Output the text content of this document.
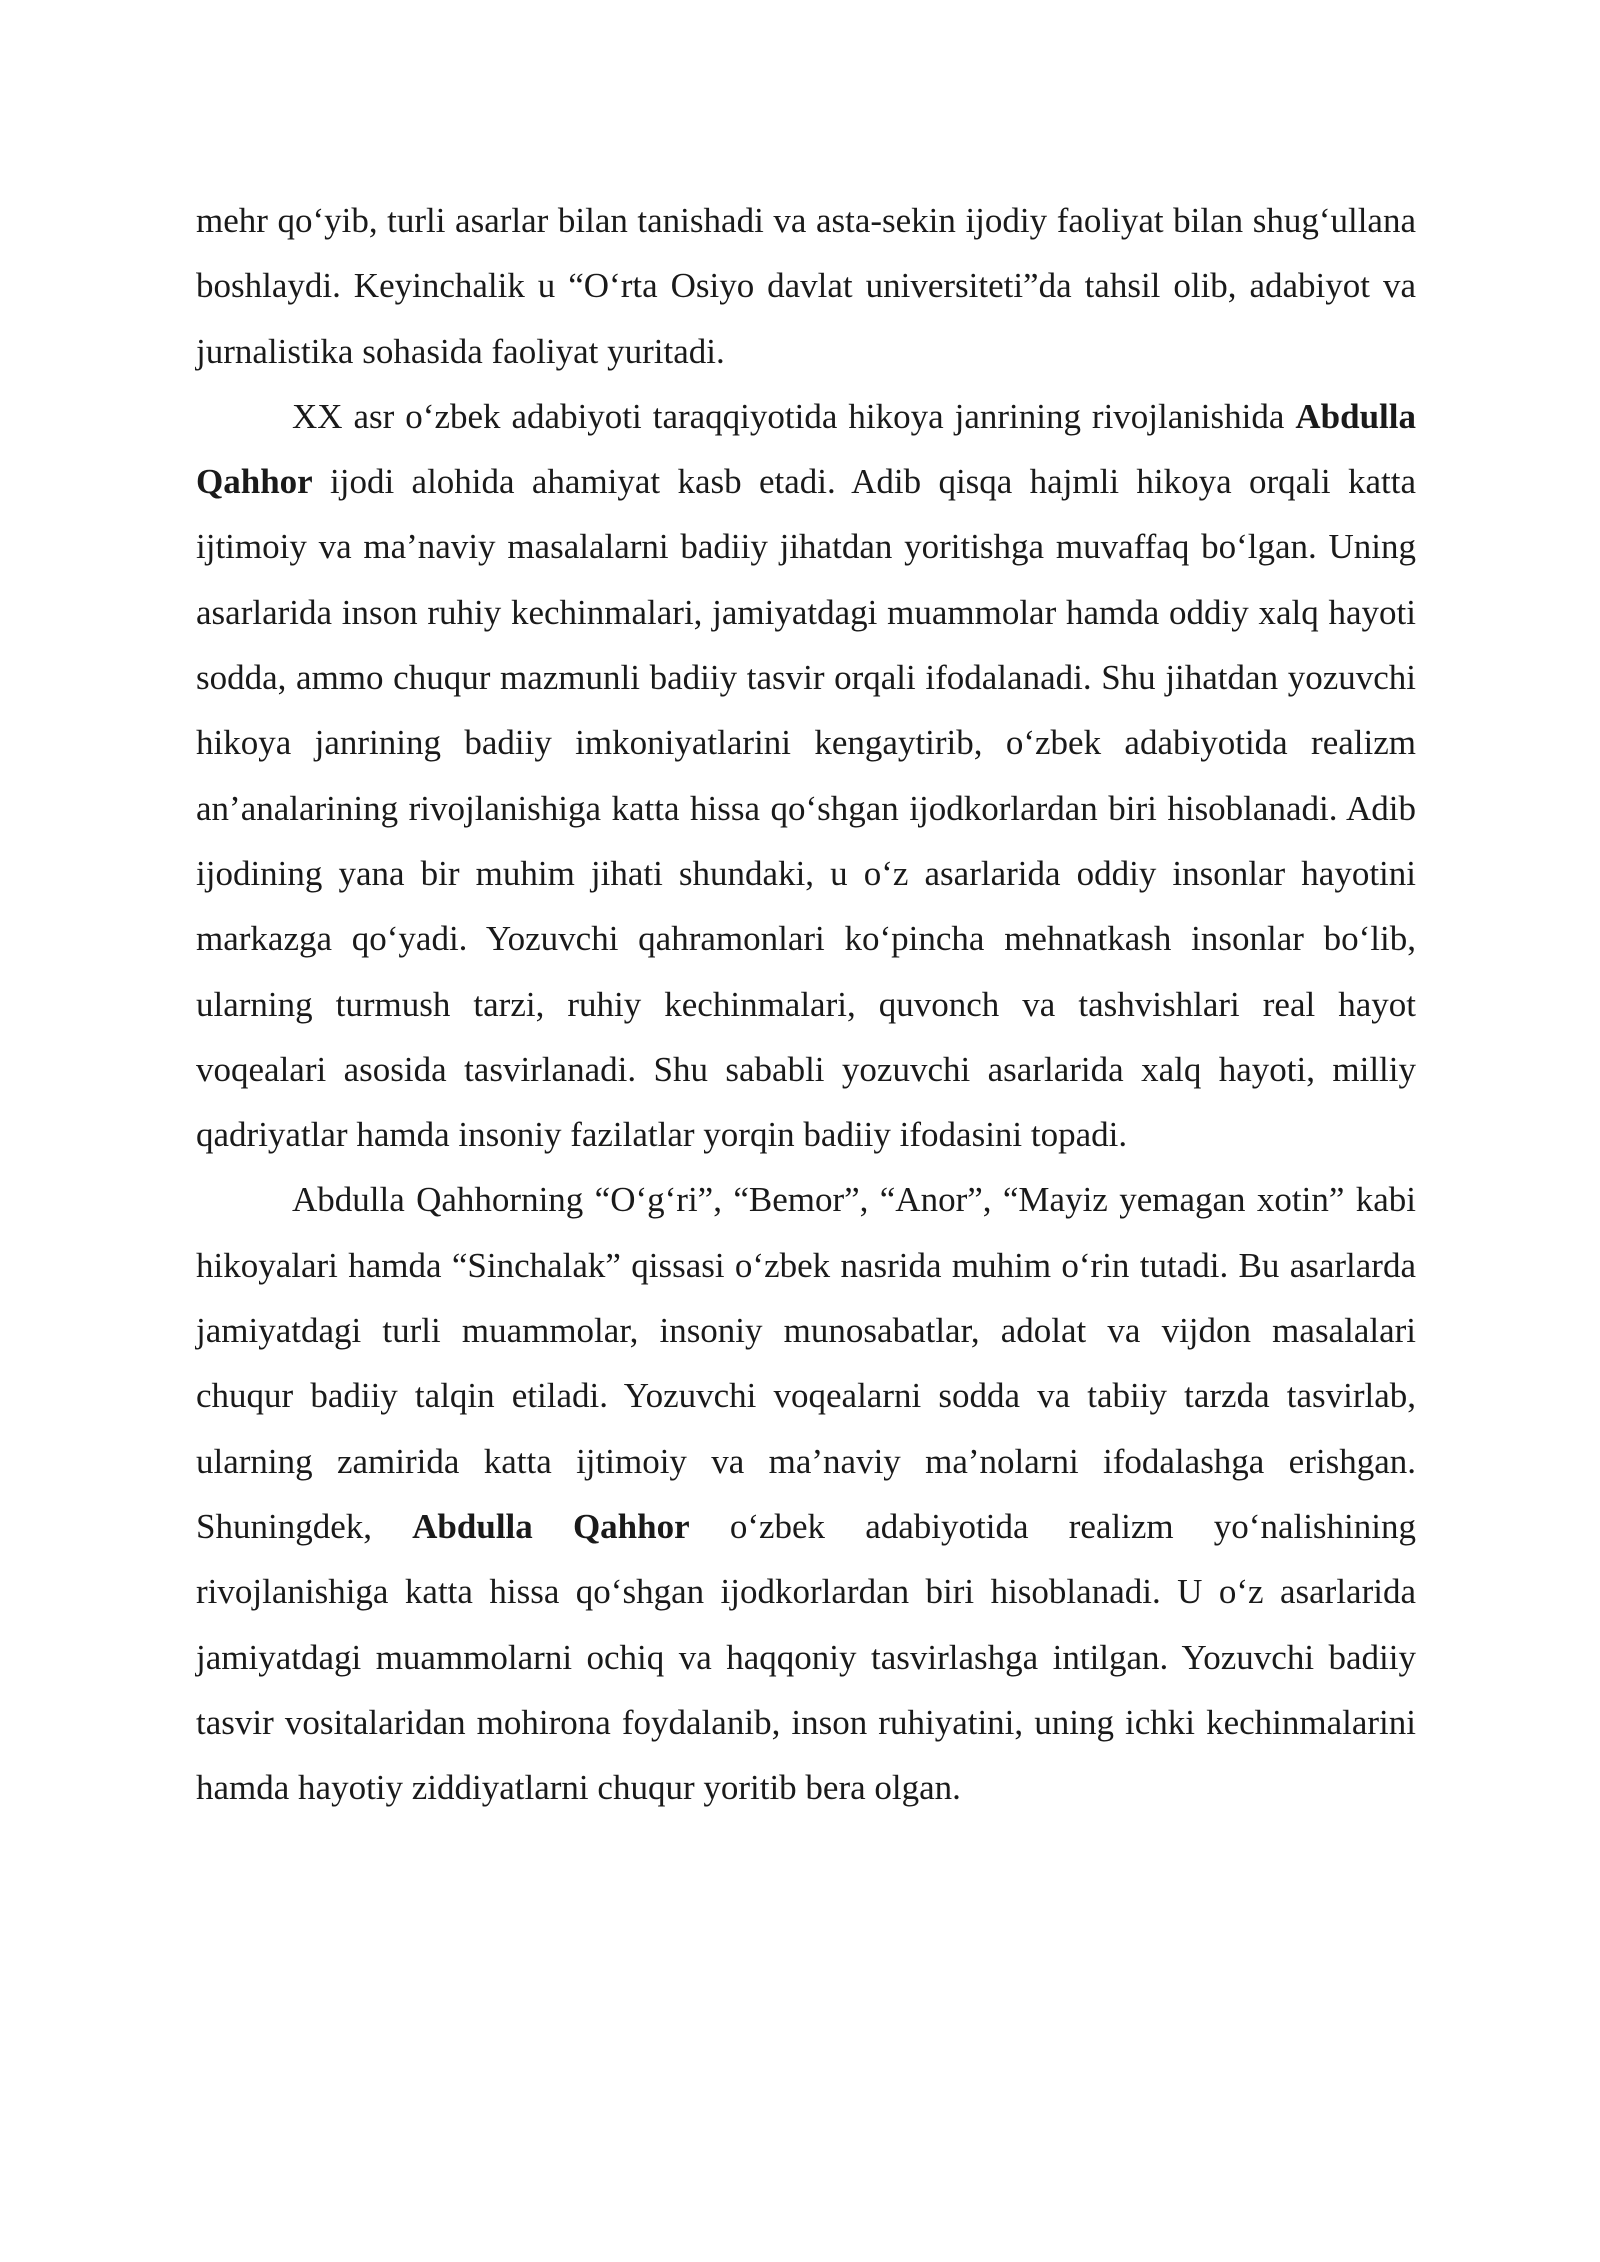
mehr qo‘yib, turli asarlar bilan tanishadi va asta-sekin ijodiy faoliyat bilan shug‘ullana boshlaydi. Keyinchalik u “O‘rta Osiyo davlat universiteti”da tahsil olib, adabiyot va jurnalistika sohasida faoliyat yuritadi.

XX asr o‘zbek adabiyoti taraqqiyotida hikoya janrining rivojlanishida Abdulla Qahhor ijodi alohida ahamiyat kasb etadi. Adib qisqa hajmli hikoya orqali katta ijtimoiy va ma’naviy masalalarni badiiy jihatdan yoritishga muvaffaq bo‘lgan. Uning asarlarida inson ruhiy kechinmalari, jamiyatdagi muammolar hamda oddiy xalq hayoti sodda, ammo chuqur mazmunli badiiy tasvir orqali ifodalanadi. Shu jihatdan yozuvchi hikoya janrining badiiy imkoniyatlarini kengaytirib, o‘zbek adabiyotida realizm an’analarining rivojlanishiga katta hissa qo‘shgan ijodkorlardan biri hisoblanadi. Adib ijodining yana bir muhim jihati shundaki, u o‘z asarlarida oddiy insonlar hayotini markazga qo‘yadi. Yozuvchi qahramonlari ko‘pincha mehnatkash insonlar bo‘lib, ularning turmush tarzi, ruhiy kechinmalari, quvonch va tashvishlari real hayot voqealari asosida tasvirlanadi. Shu sababli yozuvchi asarlarida xalq hayoti, milliy qadriyatlar hamda insoniy fazilatlar yorqin badiiy ifodasini topadi.

Abdulla Qahhorning “O‘g‘ri”, “Bemor”, “Anor”, “Mayiz yemagan xotin” kabi hikoyalari hamda “Sinchalak” qissasi o‘zbek nasrida muhim o‘rin tutadi. Bu asarlarda jamiyatdagi turli muammolar, insoniy munosabatlar, adolat va vijdon masalalari chuqur badiiy talqin etiladi. Yozuvchi voqealarni sodda va tabiiy tarzda tasvirlab, ularning zamirida katta ijtimoiy va ma’naviy ma’nolarni ifodalashga erishgan. Shuningdek, Abdulla Qahhor o‘zbek adabiyotida realizm yo‘nalishining rivojlanishiga katta hissa qo‘shgan ijodkorlardan biri hisoblanadi. U o‘z asarlarida jamiyatdagi muammolarni ochiq va haqqoniy tasvirlashga intilgan. Yozuvchi badiiy tasvir vositalaridan mohirona foydalanib, inson ruhiyatini, uning ichki kechinmalarini hamda hayotiy ziddiyatlarni chuqur yoritib bera olgan.
